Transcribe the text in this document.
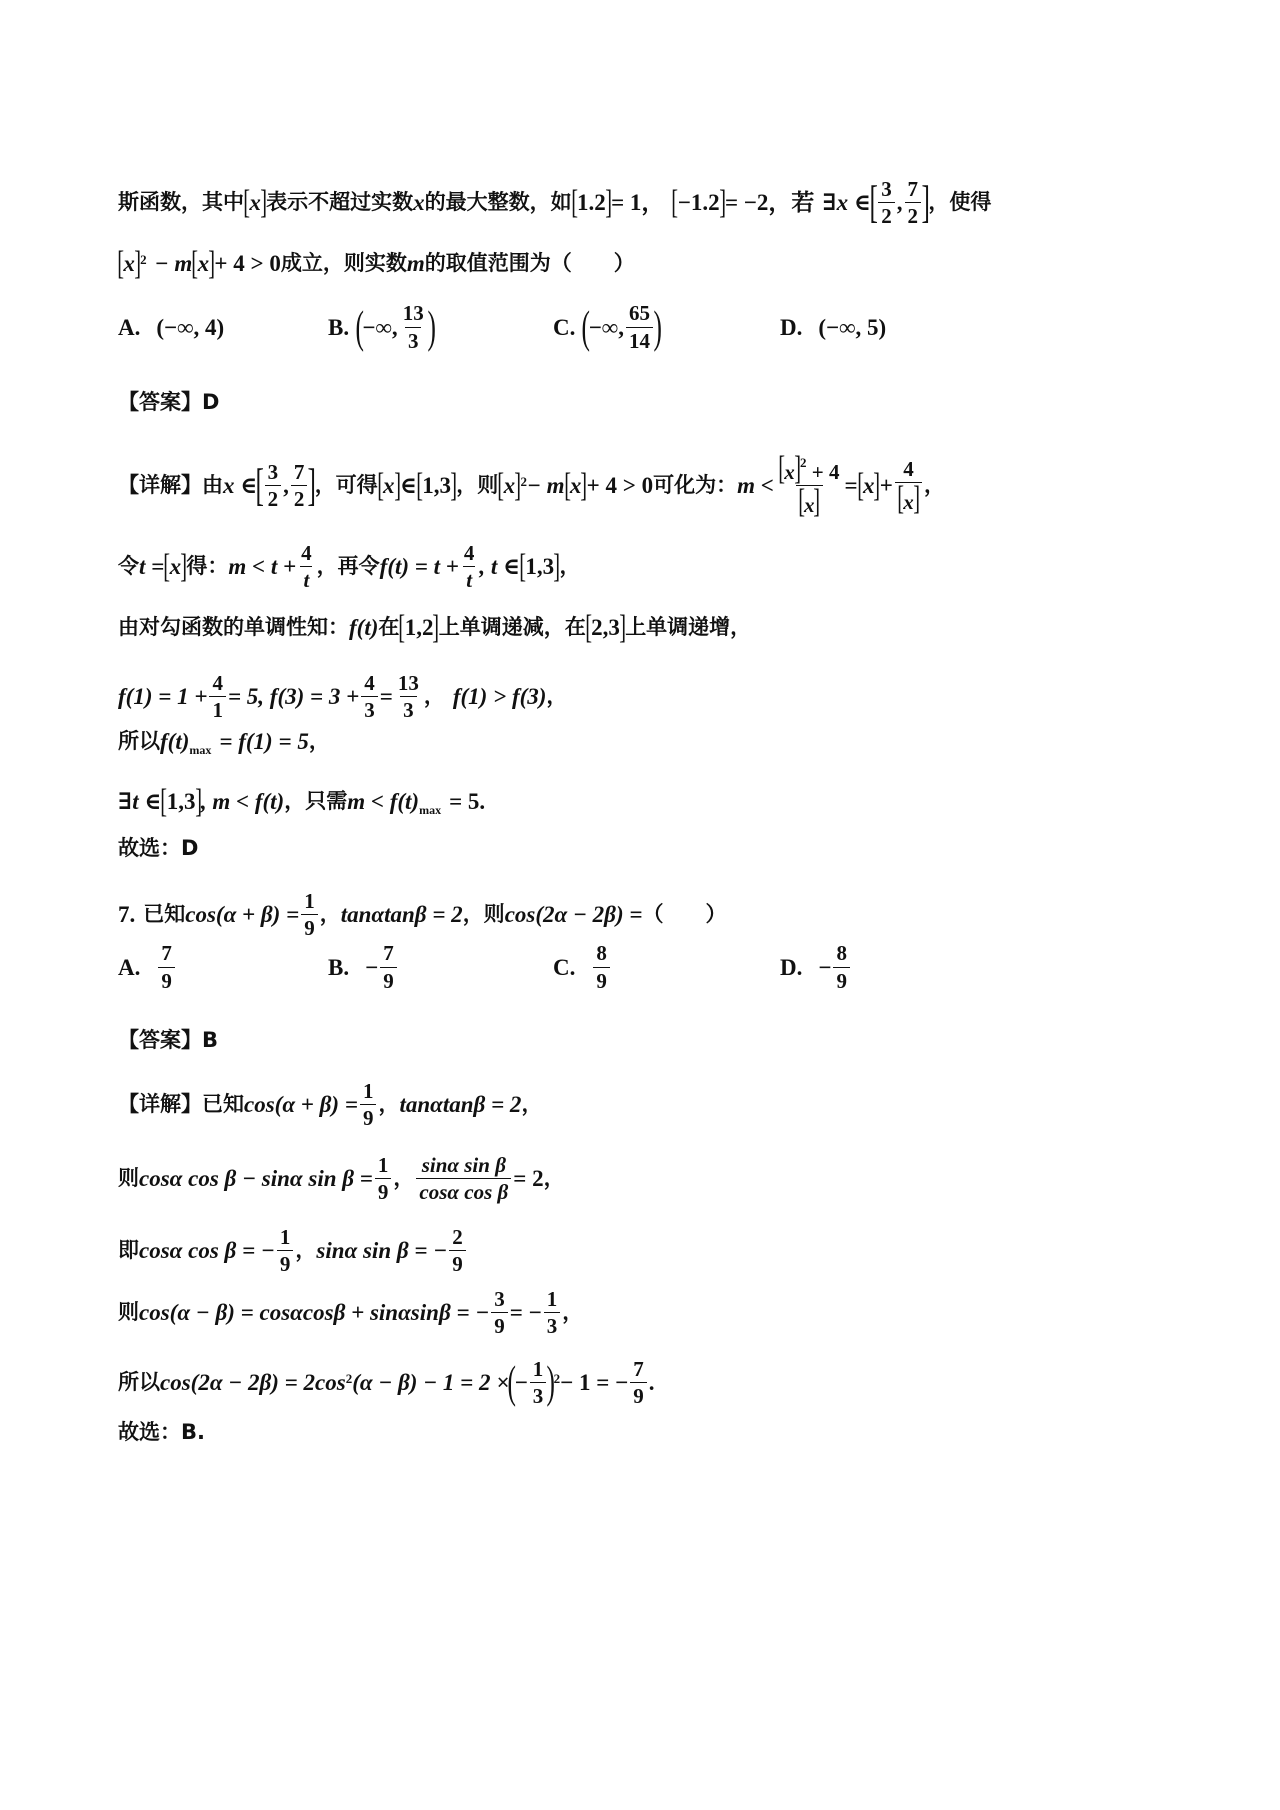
斯函数，其中 [ x ] 表示不超过实数 x 的最大整数，如 [ 1.2 ] = 1， [ −1.2 ] = −2，若 ∃x ∈
[ $\frac{3}{2}$ , $\frac{7}{2}$ ]
，使得
[ x ] 2 − m [ x ] + 4 > 0 成立，则实数 m 的取值范围为（　　）
A. (−∞, 4)	B. (
−∞, $\frac{13}{3}$ )	C. (
−∞, $\frac{65}{14}$ )	D. (−∞, 5)
【答案】D
【详解】由 x ∈
[ $\frac{3}{2}$ , $\frac{7}{2}$ ]
，可得 [ x ] ∈ [ 1,3 ] ，则 [ x ] 2 − m [ x ] + 4 > 0 可化为： $m < \frac{[x]^2 + 4}{[x]}$ = [ x ] + $\frac{4}{[x]}$ ，
令 t = [ x ] 得： $m < t + \frac{4}{t}$ ，再令 $f(t) = t + \frac{4}{t}$ , t ∈ [ 1,3 ] ，
由对勾函数的单调性知： f(t) 在 [ 1,2 ] 上单调递减，在 [ 2,3 ] 上单调递增，
$f(1) = 1 + \frac{4}{1} = 5$, $f(3) = 3 + \frac{4}{3} = \frac{13}{3}$ ， f(1) > f(3) ，
所以 f(t) max = f(1) = 5 ，
∃t ∈ [ 1,3 ] , m < f(t) ，只需 m < f(t) max = 5.
故选：D
7. 已知 $\cos(\alpha + \beta) = \frac{1}{9}$ ， tanαtanβ = 2 ，则 cos(2α − 2β) = （　　）
A. $\frac{7}{9}$	B. − $\frac{7}{9}$	C. $\frac{8}{9}$	D. − $\frac{8}{9}$
【答案】B
【详解】已知 $\cos(\alpha + \beta) = \frac{1}{9}$ ， tanαtanβ = 2 ，
则 cosα cos β − sinα $\sin \beta = \frac{1}{9}$ ， $\frac{\text{sinα sin β}}{\text{cosα cos β}} = 2$ ，
即 cosα cos β = − $\frac{1}{9}$ ， sinα sin β = − $\frac{2}{9}$
则 cos(α − β) = cosαcosβ + sinαsinβ = − $\frac{3}{9}$ = − $\frac{1}{3}$ ，
所以 cos(2α − 2β) = 2cos 2 (α − β) − 1 = 2 ×
(
− $\frac{1}{3}$ )
2 − 1 = − $\frac{7}{9}$ .
故选：B.
